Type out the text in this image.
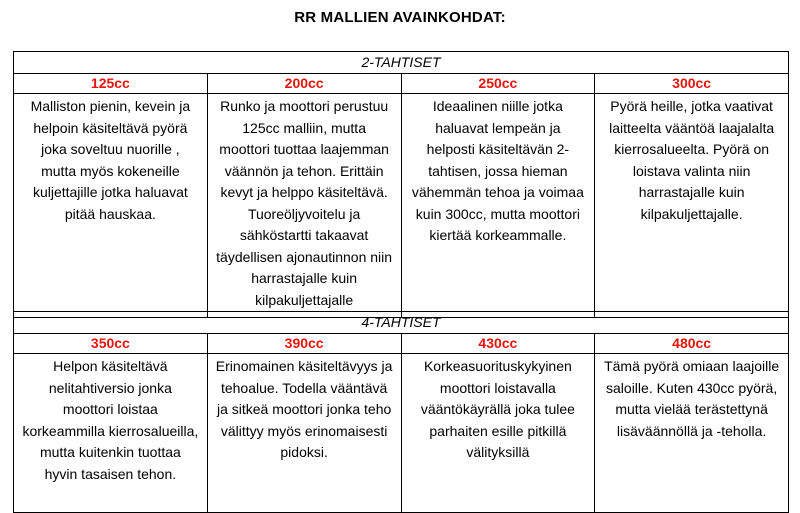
RR MALLIEN AVAINKOHDAT:
2-TAHTISET			
125cc	200cc	250cc	300cc
Malliston pienin, kevein ja helpoin käsiteltävä pyörä joka soveltuu nuorille , mutta myös kokeneille kuljettajille jotka haluavat pitää hauskaa.	Runko ja moottori perustuu 125cc malliin, mutta moottori tuottaa laajemman väännön ja tehon. Erittäin kevyt ja helppo käsiteltävä. Tuoreöljyvoitelu ja sähköstartti takaavat täydellisen ajonautinnon niin harrastajalle kuin kilpakuljettajalle	Ideaalinen niille jotka haluavat lempeän ja helposti käsiteltävän 2-tahtisen, jossa hieman vähemmän tehoa ja voimaa kuin 300cc, mutta moottori kiertää korkeammalle.	Pyörä heille, jotka vaativat laitteelta vääntöä laajalalta kierrosalueelta. Pyörä on loistava valinta niin harrastajalle kuin kilpakuljettajalle.
4-TAHTISET			
350cc	390cc	430cc	480cc
Helpon käsiteltävä nelitahtiversio jonka moottori loistaa korkeammilla kierrosalueilla, mutta kuitenkin tuottaa hyvin tasaisen tehon.	Erinomainen käsiteltävyys ja tehoalue. Todella vääntävä ja sitkeä moottori jonka teho välittyy myös erinomaisesti pidoksi.	Korkeasuorituskykyinen moottori loistavalla vääntökäyrällä joka tulee parhaiten esille pitkillä välityksillä	Tämä pyörä omiaan laajoille saloille. Kuten 430cc pyörä, mutta vielää terästettynä lisäväännöllä ja -teholla.
